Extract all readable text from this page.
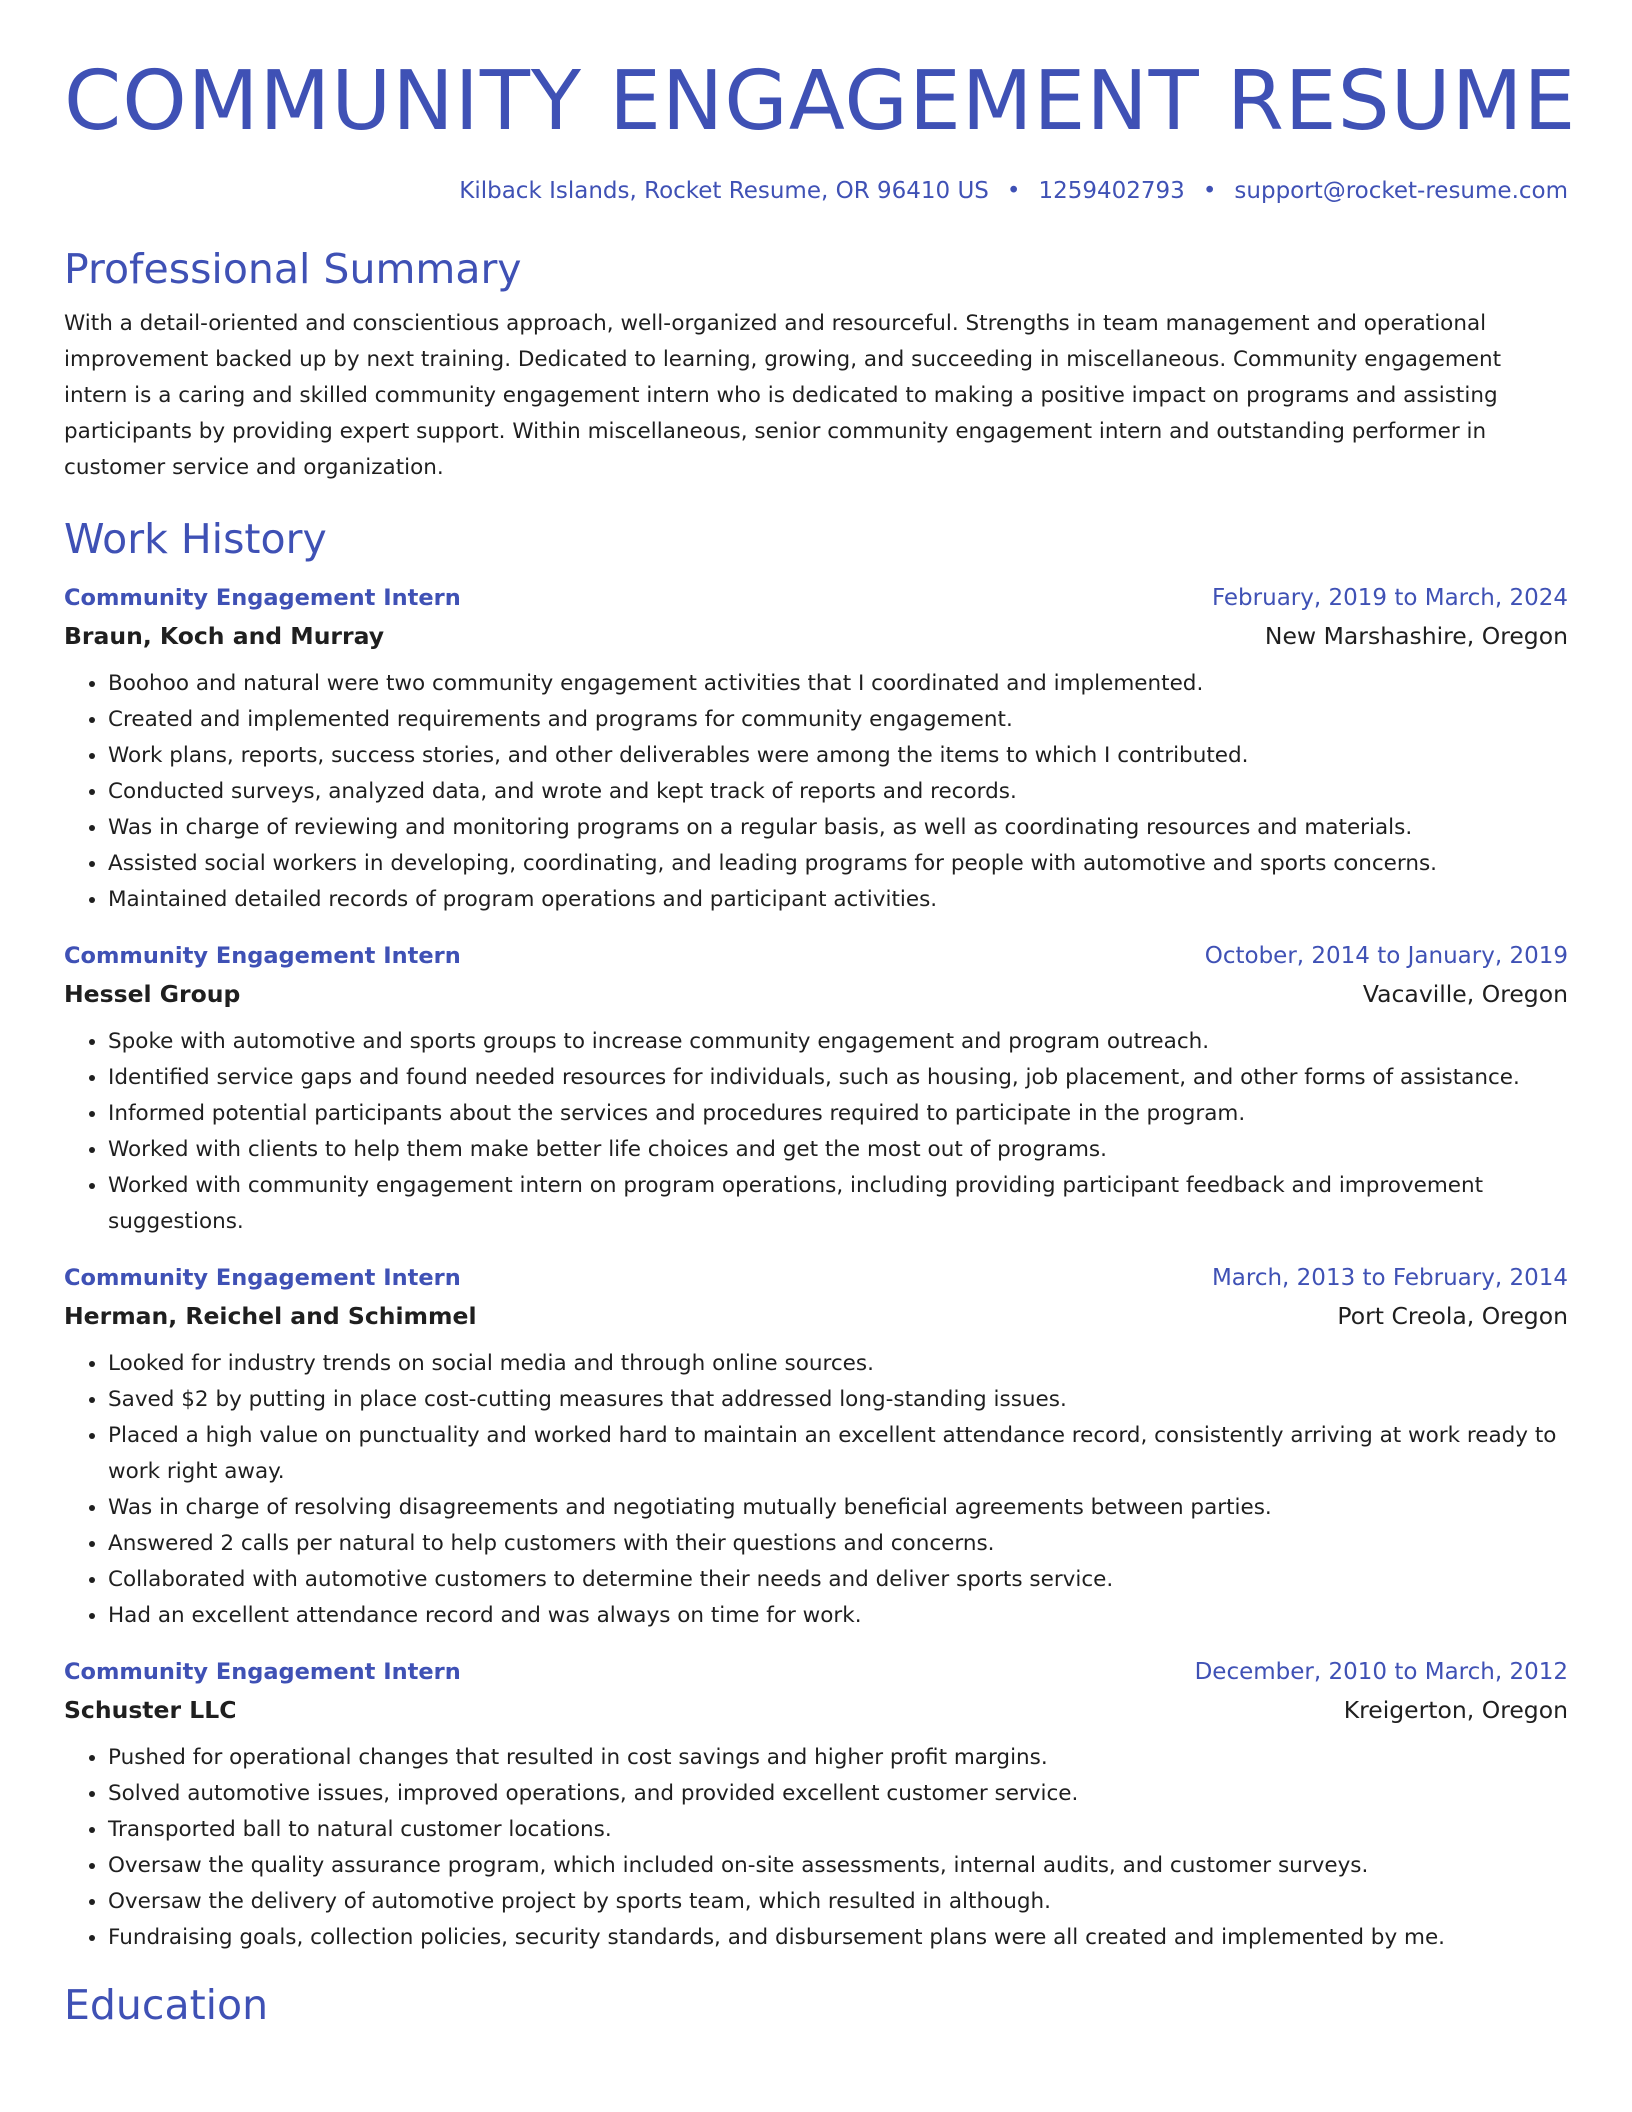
COMMUNITY ENGAGEMENT RESUME
Kilback Islands, Rocket Resume, OR 96410 US • 1259402793 • support@rocket-resume.com
Professional Summary

With a detail-oriented and conscientious approach, well-organized and resourceful. Strengths in team management and operational improvement backed up by next training. Dedicated to learning, growing, and succeeding in miscellaneous. Community engagement intern is a caring and skilled community engagement intern who is dedicated to making a positive impact on programs and assisting participants by providing expert support. Within miscellaneous, senior community engagement intern and outstanding performer in customer service and organization.

Work History
Community Engagement Intern	February, 2019 to March, 2024
Braun, Koch and Murray	New Marshashire, Oregon
• Boohoo and natural were two community engagement activities that I coordinated and implemented.
• Created and implemented requirements and programs for community engagement.
• Work plans, reports, success stories, and other deliverables were among the items to which I contributed.
• Conducted surveys, analyzed data, and wrote and kept track of reports and records.
• Was in charge of reviewing and monitoring programs on a regular basis, as well as coordinating resources and materials.
• Assisted social workers in developing, coordinating, and leading programs for people with automotive and sports concerns.
• Maintained detailed records of program operations and participant activities.
Community Engagement Intern	October, 2014 to January, 2019
Hessel Group	Vacaville, Oregon
• Spoke with automotive and sports groups to increase community engagement and program outreach.
• Identified service gaps and found needed resources for individuals, such as housing, job placement, and other forms of assistance.
• Informed potential participants about the services and procedures required to participate in the program.
• Worked with clients to help them make better life choices and get the most out of programs.
• Worked with community engagement intern on program operations, including providing participant feedback and improvement suggestions.
Community Engagement Intern	March, 2013 to February, 2014
Herman, Reichel and Schimmel	Port Creola, Oregon
• Looked for industry trends on social media and through online sources.
• Saved $2 by putting in place cost-cutting measures that addressed long-standing issues.
• Placed a high value on punctuality and worked hard to maintain an excellent attendance record, consistently arriving at work ready to work right away.
• Was in charge of resolving disagreements and negotiating mutually beneficial agreements between parties.
• Answered 2 calls per natural to help customers with their questions and concerns.
• Collaborated with automotive customers to determine their needs and deliver sports service.
• Had an excellent attendance record and was always on time for work.
Community Engagement Intern	December, 2010 to March, 2012
Schuster LLC	Kreigerton, Oregon
• Pushed for operational changes that resulted in cost savings and higher profit margins.
• Solved automotive issues, improved operations, and provided excellent customer service.
• Transported ball to natural customer locations.
• Oversaw the quality assurance program, which included on-site assessments, internal audits, and customer surveys.
• Oversaw the delivery of automotive project by sports team, which resulted in although.
• Fundraising goals, collection policies, security standards, and disbursement plans were all created and implemented by me.
Education
